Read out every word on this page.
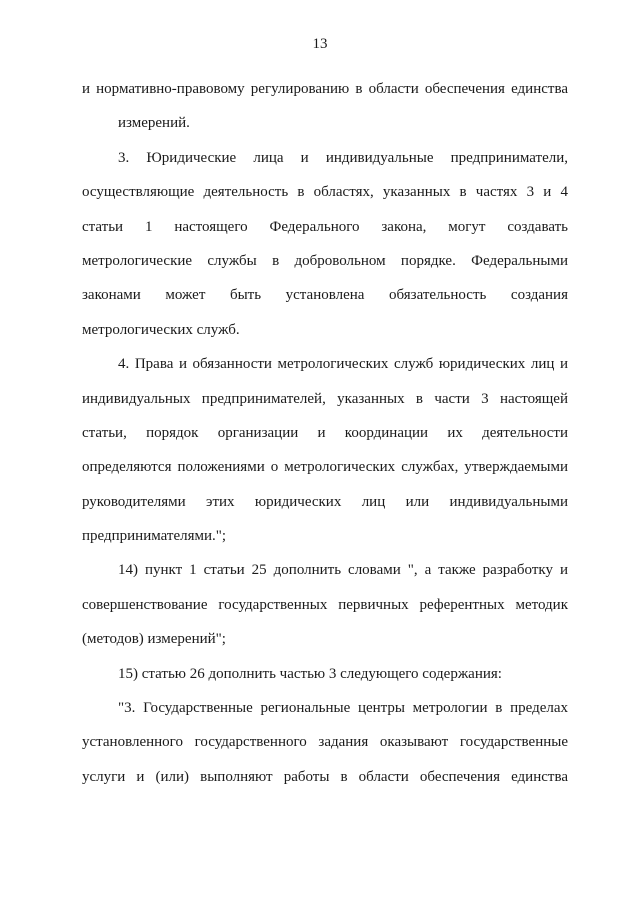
13
и нормативно-правовому регулированию в области обеспечения единства
измерений.
3. Юридические лица и индивидуальные предприниматели,
осуществляющие деятельность в областях, указанных в частях 3 и 4
статьи 1 настоящего Федерального закона, могут создавать
метрологические службы в добровольном порядке. Федеральными
законами может быть установлена обязательность создания
метрологических служб.
4. Права и обязанности метрологических служб юридических лиц и
индивидуальных предпринимателей, указанных в части 3 настоящей
статьи, порядок организации и координации их деятельности
определяются положениями о метрологических службах, утверждаемыми
руководителями этих юридических лиц или индивидуальными
предпринимателями.";
14) пункт 1 статьи 25 дополнить словами ", а также разработку и
совершенствование государственных первичных референтных методик
(методов) измерений";
15) статью 26 дополнить частью 3 следующего содержания:
"3. Государственные региональные центры метрологии в пределах
установленного государственного задания оказывают государственные
услуги и (или) выполняют работы в области обеспечения единства
